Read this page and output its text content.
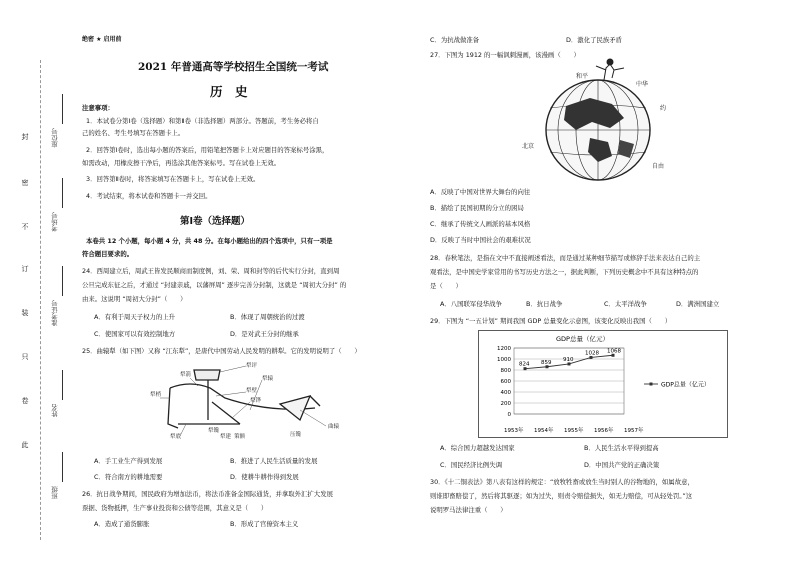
封
密
不
订
装
只
卷
此
座位号
考场号
准考证号
姓名
班级
绝密 ★ 启用前
2021 年普通高等学校招生全国统一考试
历　史
注意事项：
1．本试卷分第Ⅰ卷（选择题）和第Ⅱ卷（非选择题）两部分。答题前，考生务必将自
己的姓名、考生号填写在答题卡上。
2．回答第Ⅰ卷时，选出每小题的答案后，用铅笔把答题卡上对应题目的答案标号涂黑，
如需改动，用橡皮擦干净后，再选涂其他答案标号。写在试卷上无效。
3．回答第Ⅱ卷时，将答案填写在答题卡上，写在试卷上无效。
4．考试结束，将本试卷和答题卡一并交回。
第Ⅰ卷（选择题）
本卷共 12 个小题，每小题 4 分，共 48 分。在每小题给出的四个选项中，只有一项是
符合题目要求的。
24．西周建立后，周武王皆发民顺商而制度例，刘、荣、周和封等的后代实行分封，直到周
公旦完成东征之后，才通过 “封建亲戚，以藩屏周” 逐步完善分封制，这就是 “周初大分封” 的
由来。这说明 “周初大分封”（　　）
A．有利于周天子权力的上升	B．体现了周朝统治的过渡
C．使国家可以有效控制地方	D．是对武王分封的继承
25．曲辕犁（如下图）又称 “江东犁”，是唐代中国劳动人民发明的耕犁。它的发明说明了（　　）
犁评
犁箭
犁梢
犁壁
犁辕
犁底
犁铧
犁镵
犁建 策额	压镵
曲辕
A．手工业生产得到发展	B．推进了人民生活质量的发展
C．符合南方的耕地需要	D．使耕牛耕作得到发展
26．抗日战争期间，国民政府为增加法币，将法币准备金国际通货，并拿取外汇扩大发展
票据、货物抵押，生产事业投资和公债等范围，其意义是（　　）
A．造成了通货膨胀	B．形成了官僚资本主义
C．为抗战做准备	D．激化了民族矛盾
27．下图为 1912 的一幅讽刺漫画，该漫画（　　）
和平
北京
中华
自由
约
A．反映了中国对世界大舞台的向往
B．描绘了民国初期的分立的困局
C．继承了传统文人画派的基本风格
D．反映了当时中国社会的艰难状况
28．春秋笔法，是指在文中不直接阐述看法，而是通过某种细节描写或修辞手法来表达自己的主
观看法，是中国史学家常用的书写历史方法之一，据此判断，下列历史概念中不具有这种特点的
是（　　）
A．八国联军侵华战争	B．抗日战争	C．太平洋战争	D．满洲国建立
29．下图为 “一五计划” 期间我国 GDP 总量变化示意图，该变化反映出我国（　　）
GDP总量（亿元）
0
200
400
600
800
1000
1200
1953年 1954年 1955年 1956年 1957年
824 859 910
1028 1068
GDP总量（亿元）
A．综合国力超越发达国家	B．人民生活水平得到提高
C．国民经济比例失调	D．中国共产党的正确决策
30．《十二铜表法》第八表有这样的规定：“放牧牲畜或放生当时别人的谷物地的，如属故意，
则谁即畜赔偿了，然后将其驱逐；如为过失，则责令赔偿损失，如无力赔偿，可从轻处罚。”这
说明罗马法律注重（　　）
